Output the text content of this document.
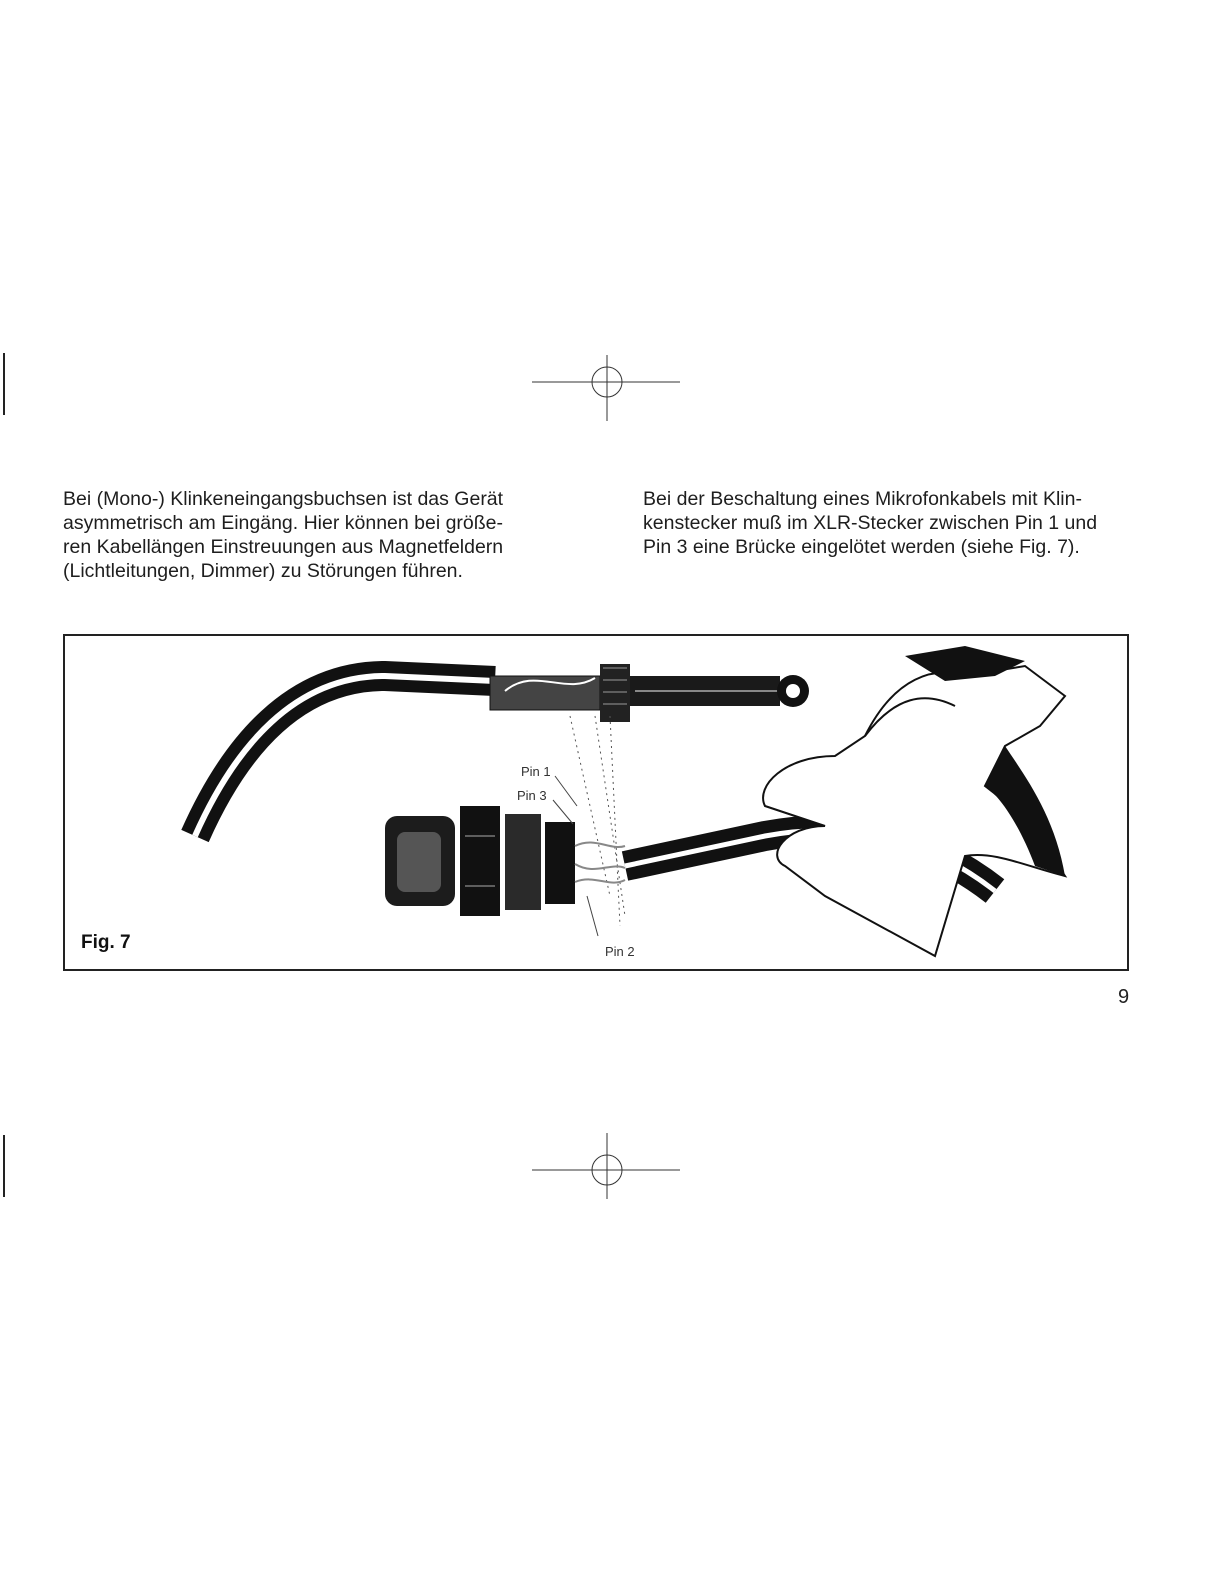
Bei (Mono-) Klinkeneingangsbuchsen ist das Gerät
asymmetrisch am Eingäng. Hier können bei größe-
ren Kabellängen Einstreuungen aus Magnetfeldern
(Lichtleitungen, Dimmer) zu Störungen führen.

Bei der Beschaltung eines Mikrofonkabels mit Klin-
kenstecker muß im XLR-Stecker zwischen Pin 1 und
Pin 3 eine Brücke eingelötet werden (siehe Fig. 7).

Pin 1
Pin 3
Pin 2
Fig. 7
9
